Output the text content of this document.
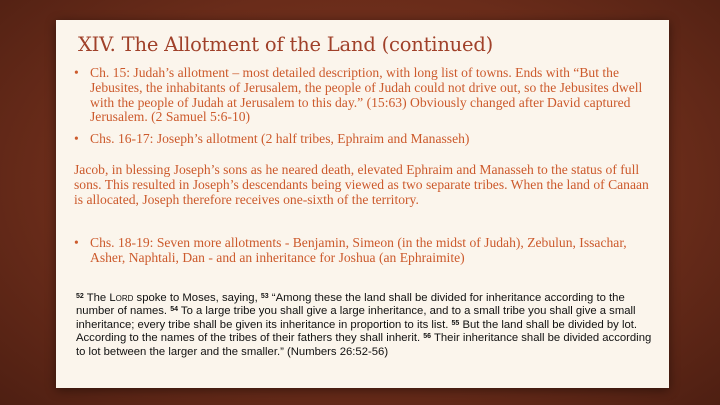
XIV. The Allotment of the Land (continued)
• Ch. 15: Judah’s allotment – most detailed description, with long list of towns. Ends with “But the Jebusites, the inhabitants of Jerusalem, the people of Judah could not drive out, so the Jebusites dwell with the people of Judah at Jerusalem to this day.” (15:63) Obviously changed after David captured Jerusalem. (2 Samuel 5:6-10)
• Chs. 16-17: Joseph’s allotment (2 half tribes, Ephraim and Manasseh)
Jacob, in blessing Joseph’s sons as he neared death, elevated Ephraim and Manasseh to the status of full sons. This resulted in Joseph’s descendants being viewed as two separate tribes. When the land of Canaan is allocated, Joseph therefore receives one-sixth of the territory.
• Chs. 18-19: Seven more allotments - Benjamin, Simeon (in the midst of Judah), Zebulun, Issachar, Asher, Naphtali, Dan - and an inheritance for Joshua (an Ephraimite)
$^{52}$ The Lord spoke to Moses, saying, $^{53}$ “Among these the land shall be divided for inheritance according to the number of names. $^{54}$ To a large tribe you shall give a large inheritance, and to a small tribe you shall give a small inheritance; every tribe shall be given its inheritance in proportion to its list. $^{55}$ But the land shall be divided by lot. According to the names of the tribes of their fathers they shall inherit. $^{56}$ Their inheritance shall be divided according to lot between the larger and the smaller.” (Numbers 26:52-56)
